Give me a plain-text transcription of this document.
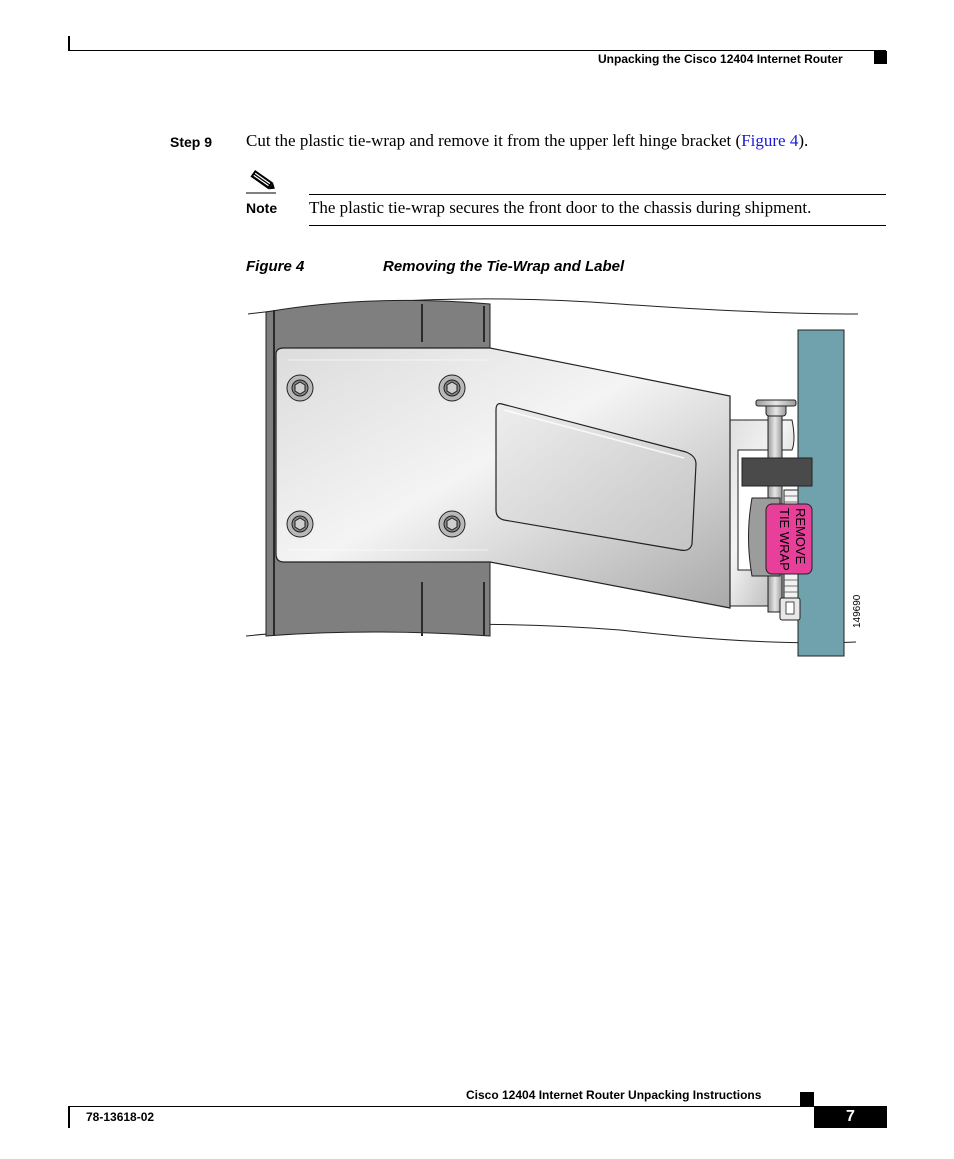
Unpacking the Cisco 12404 Internet Router
Step 9 Cut the plastic tie-wrap and remove it from the upper left hinge bracket (Figure 4).
Note The plastic tie-wrap secures the front door to the chassis during shipment.
Figure 4	Removing the Tie-Wrap and Label
REMOVE
TIE WRAP
149690
Cisco 12404 Internet Router Unpacking Instructions
78-13618-02	7
